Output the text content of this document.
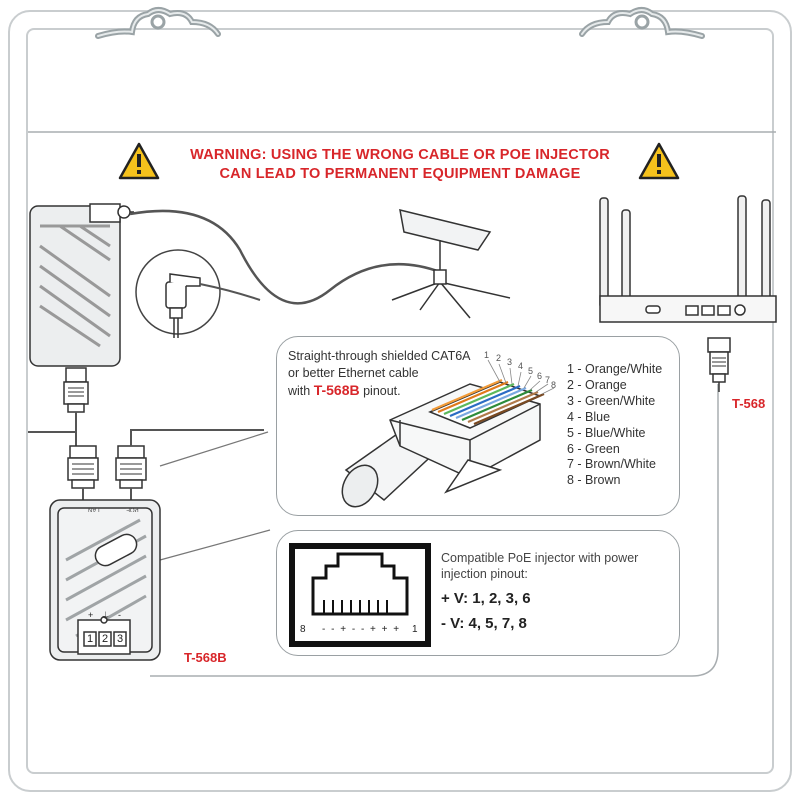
WARNING: USING THE WRONG CABLE OR POE INJECTOR
CAN LEAD TO PERMANENT EQUIPMENT DAMAGE
LAN	POE
+ ⏚ -
1 2 3
T-568B
T-568
Straight-through shielded CAT6A
or better Ethernet cable
with T-568B pinout.
1 2 3 4 5 6 7 8
1 - Orange/White
2 - Orange
3 - Green/White
4 - Blue
5 - Blue/White
6 - Green
7 - Brown/White
8 - Brown
8	1
- - + - - + + +
Compatible PoE injector with power injection pinout:
+ V: 1, 2, 3, 6
- V: 4, 5, 7, 8
